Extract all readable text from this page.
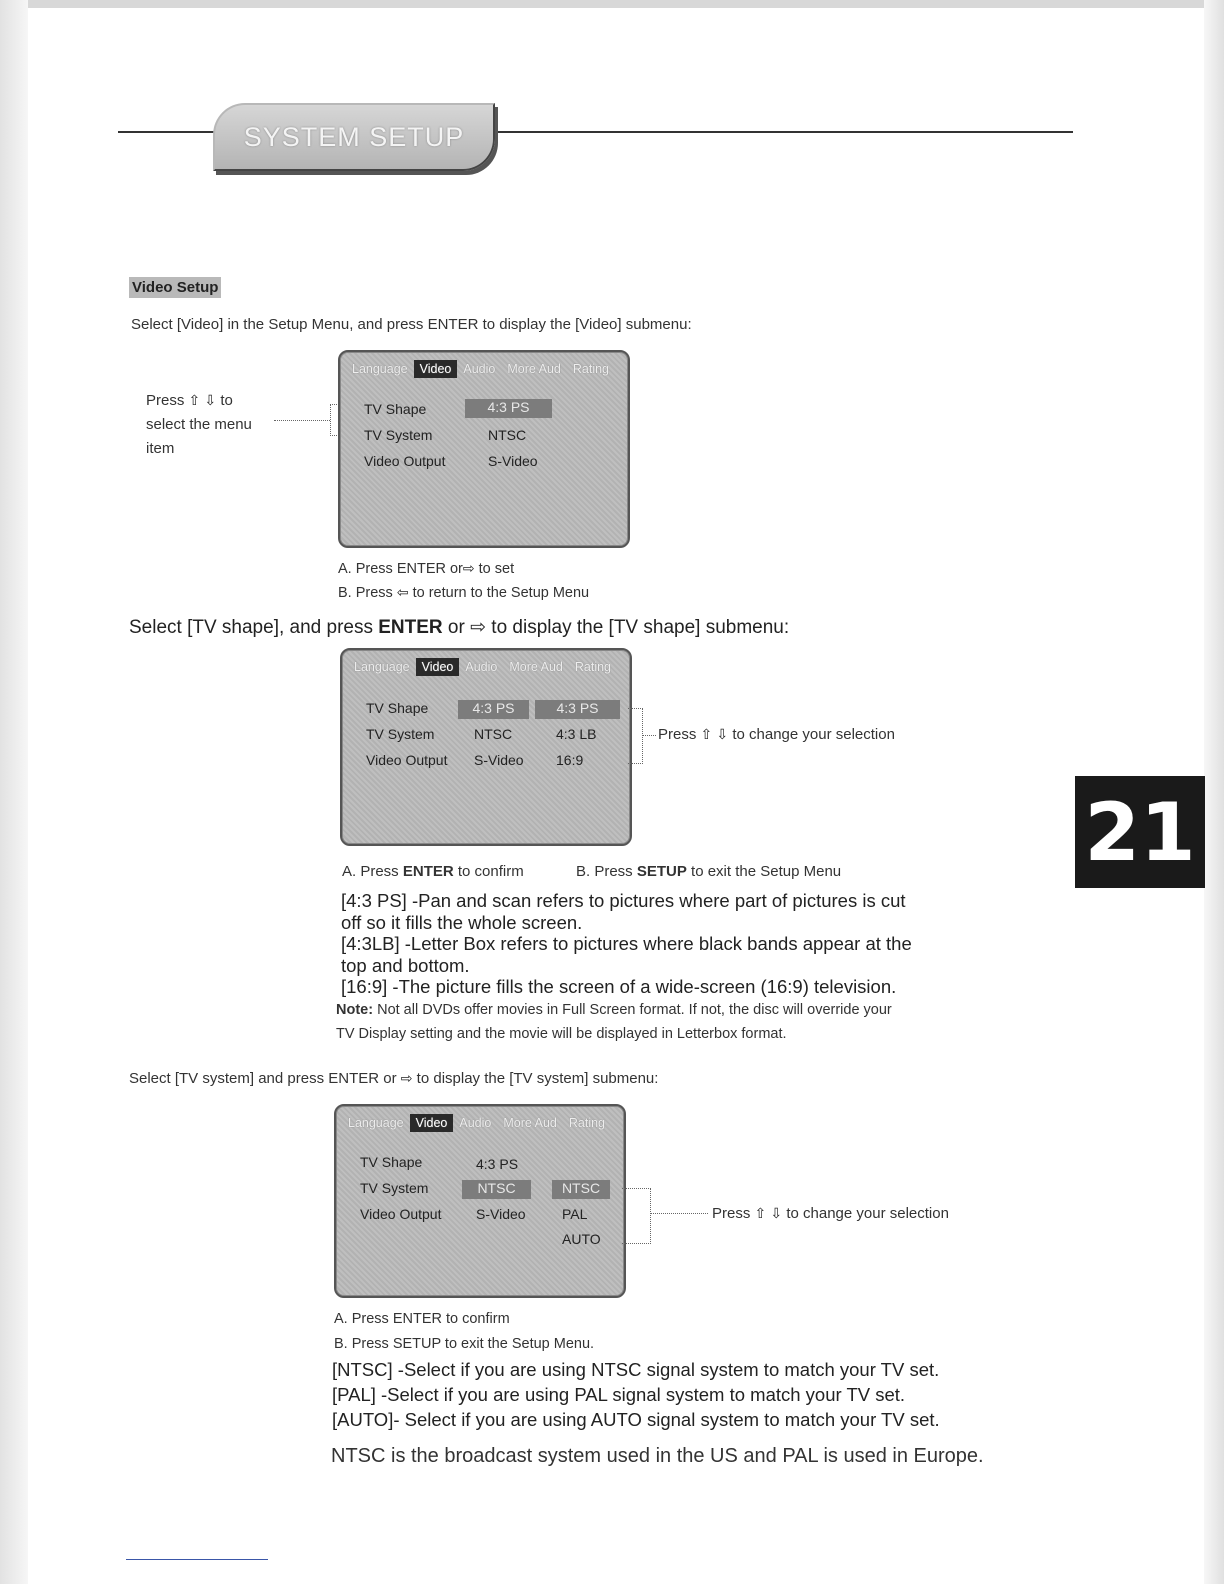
SYSTEM SETUP
Video Setup
Select [Video] in the Setup Menu, and press ENTER to display the [Video] submenu:
Press ⇧ ⇩ to
select the menu
item
Language Video Audio More Aud Rating
TV Shape
TV System
Video Output
4:3 PS
NTSC
S-Video
A. Press ENTER or⇨ to set
B. Press ⇦ to return to the Setup Menu
Select [TV shape], and press ENTER or ⇨ to display the [TV shape] submenu:
Language Video Audio More Aud Rating
TV Shape
TV System
Video Output
4:3 PS
NTSC
S-Video
4:3 PS
4:3 LB
16:9
Press ⇧ ⇩ to change your selection
A. Press ENTER to confirm	B. Press SETUP to exit the Setup Menu
[4:3 PS] -Pan and scan refers to pictures where part of pictures is cut
off so it fills the whole screen.
[4:3LB] -Letter Box refers to pictures where black bands appear at the
top and bottom.
[16:9] -The picture fills the screen of a wide-screen (16:9) television.
Note: Not all DVDs offer movies in Full Screen format. If not, the disc will override your
TV Display setting and the movie will be displayed in Letterbox format.
Select [TV system] and press ENTER or ⇨ to display the [TV system] submenu:
Language Video Audio More Aud Rating
TV Shape
TV System
Video Output
4:3 PS
NTSC
S-Video
NTSC
PAL
AUTO
Press ⇧ ⇩ to change your selection
A. Press ENTER to confirm
B. Press SETUP to exit the Setup Menu.
[NTSC] -Select if you are using NTSC signal system to match your TV set.
[PAL] -Select if you are using PAL signal system to match your TV set.
[AUTO]- Select if you are using AUTO signal system to match your TV set.
NTSC is the broadcast system used in the US and PAL is used in Europe.
21
